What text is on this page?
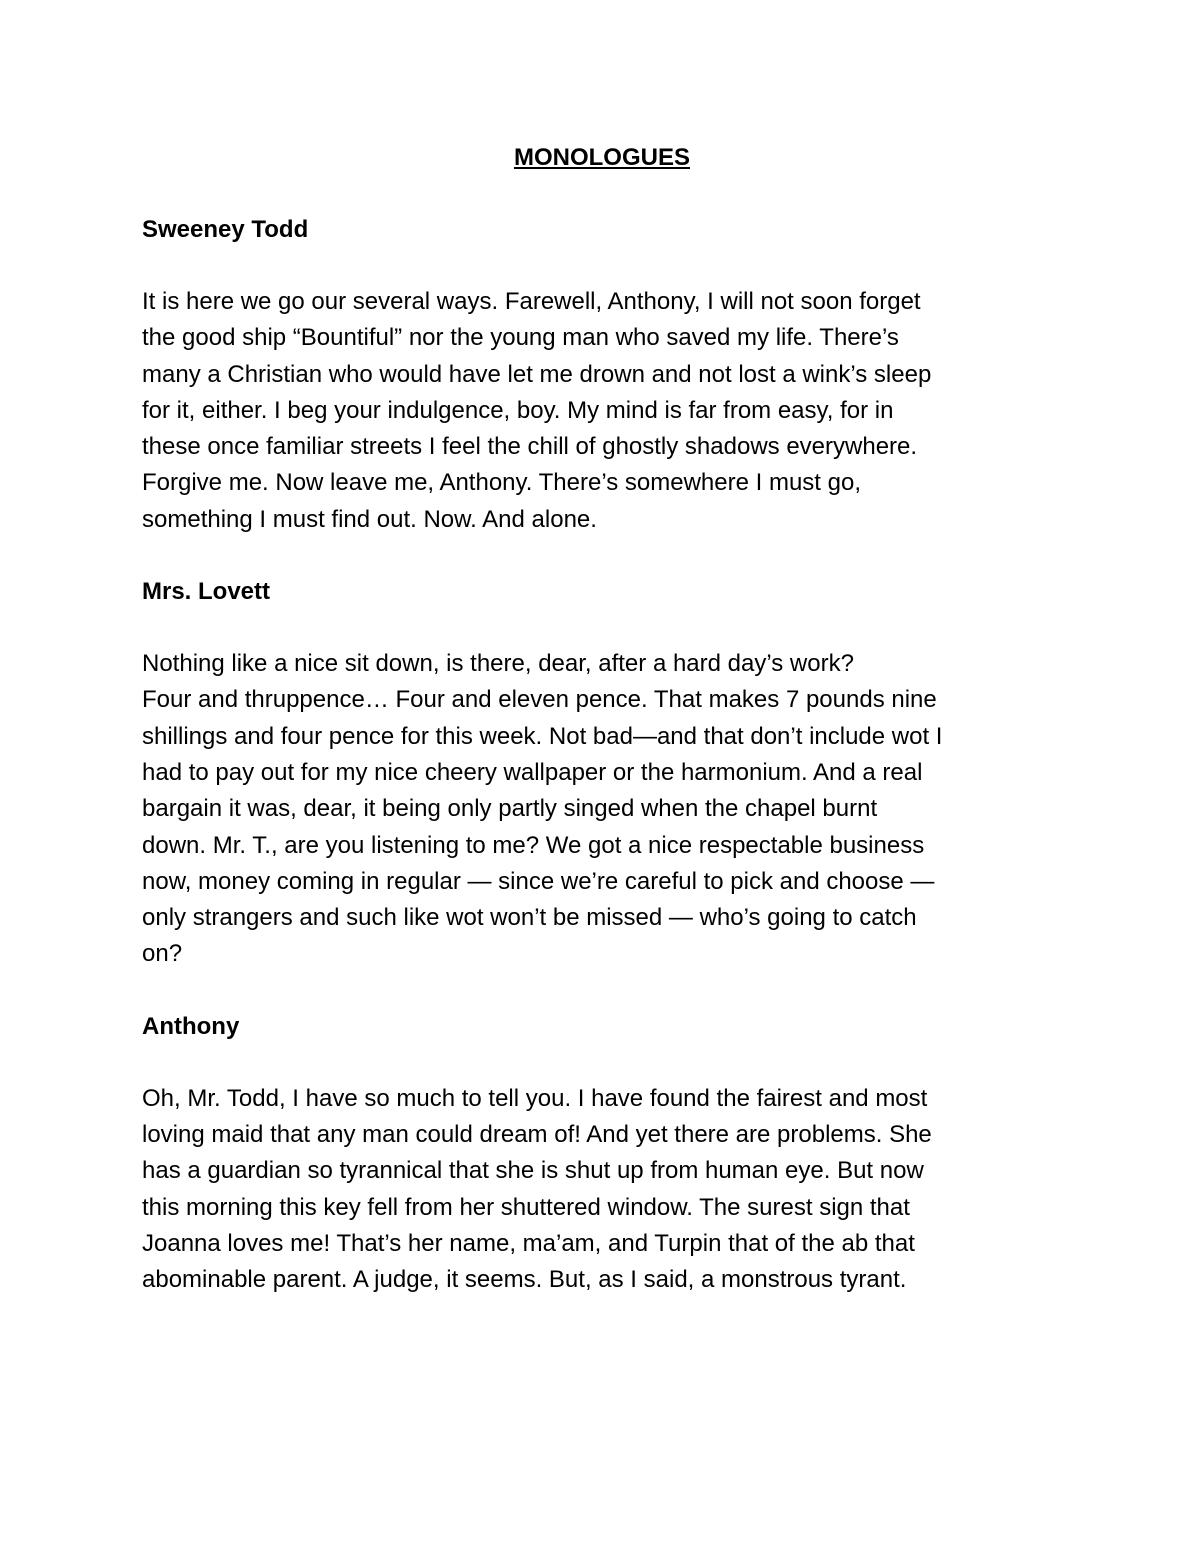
MONOLOGUES
Sweeney Todd

It is here we go our several ways. Farewell, Anthony, I will not soon forget
the good ship “Bountiful” nor the young man who saved my life. There’s
many a Christian who would have let me drown and not lost a wink’s sleep
for it, either. I beg your indulgence, boy. My mind is far from easy, for in
these once familiar streets I feel the chill of ghostly shadows everywhere.
Forgive me. Now leave me, Anthony. There’s somewhere I must go,
something I must find out. Now. And alone.

Mrs. Lovett

Nothing like a nice sit down, is there, dear, after a hard day’s work?
Four and thruppence… Four and eleven pence. That makes 7 pounds nine
shillings and four pence for this week. Not bad—and that don’t include wot I
had to pay out for my nice cheery wallpaper or the harmonium. And a real
bargain it was, dear, it being only partly singed when the chapel burnt
down. Mr. T., are you listening to me? We got a nice respectable business
now, money coming in regular — since we’re careful to pick and choose —
only strangers and such like wot won’t be missed — who’s going to catch
on?

Anthony

Oh, Mr. Todd, I have so much to tell you. I have found the fairest and most
loving maid that any man could dream of! And yet there are problems. She
has a guardian so tyrannical that she is shut up from human eye. But now
this morning this key fell from her shuttered window. The surest sign that
Joanna loves me! That’s her name, ma’am, and Turpin that of the ab that
abominable parent. A judge, it seems. But, as I said, a monstrous tyrant.
